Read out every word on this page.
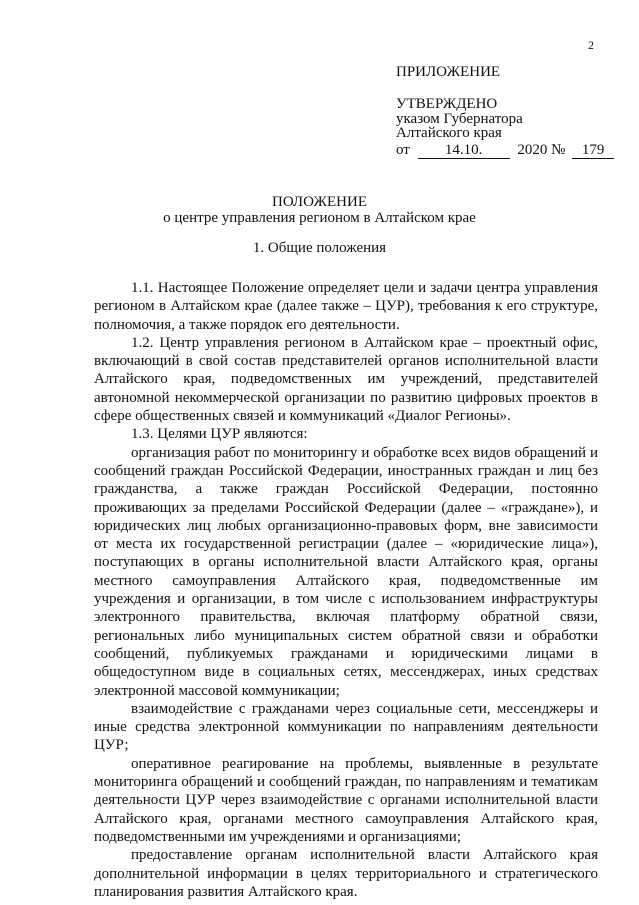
2
ПРИЛОЖЕНИЕ
УТВЕРЖДЕНО
указом Губернатора
Алтайского края
от 14.10. 2020 № 179
ПОЛОЖЕНИЕ
о центре управления регионом в Алтайском крае
1. Общие положения

1.1. Настоящее Положение определяет цели и задачи центра управления регионом в Алтайском крае (далее также – ЦУР), требования к его структуре, полномочия, а также порядок его деятельности.

1.2. Центр управления регионом в Алтайском крае – проектный офис, включающий в свой состав представителей органов исполнительной власти Алтайского края, подведомственных им учреждений, представителей автономной некоммерческой организации по развитию цифровых проектов в сфере общественных связей и коммуникаций «Диалог Регионы».

1.3. Целями ЦУР являются:

организация работ по мониторингу и обработке всех видов обращений и сообщений граждан Российской Федерации, иностранных граждан и лиц без гражданства, а также граждан Российской Федерации, постоянно проживающих за пределами Российской Федерации (далее – «граждане»), и юридических лиц любых организационно-правовых форм, вне зависимости от места их государственной регистрации (далее – «юридические лица»), поступающих в органы исполнительной власти Алтайского края, органы местного самоуправления Алтайского края, подведомственные им учреждения и организации, в том числе с использованием инфраструктуры электронного правительства, включая платформу обратной связи, региональных либо муниципальных систем обратной связи и обработки сообщений, публикуемых гражданами и юридическими лицами в общедоступном виде в социальных сетях, мессенджерах, иных средствах электронной массовой коммуникации;

взаимодействие с гражданами через социальные сети, мессенджеры и иные средства электронной коммуникации по направлениям деятельности ЦУР;

оперативное реагирование на проблемы, выявленные в результате мониторинга обращений и сообщений граждан, по направлениям и тематикам деятельности ЦУР через взаимодействие с органами исполнительной власти Алтайского края, органами местного самоуправления Алтайского края, подведомственными им учреждениями и организациями;

предоставление органам исполнительной власти Алтайского края дополнительной информации в целях территориального и стратегического планирования развития Алтайского края.
